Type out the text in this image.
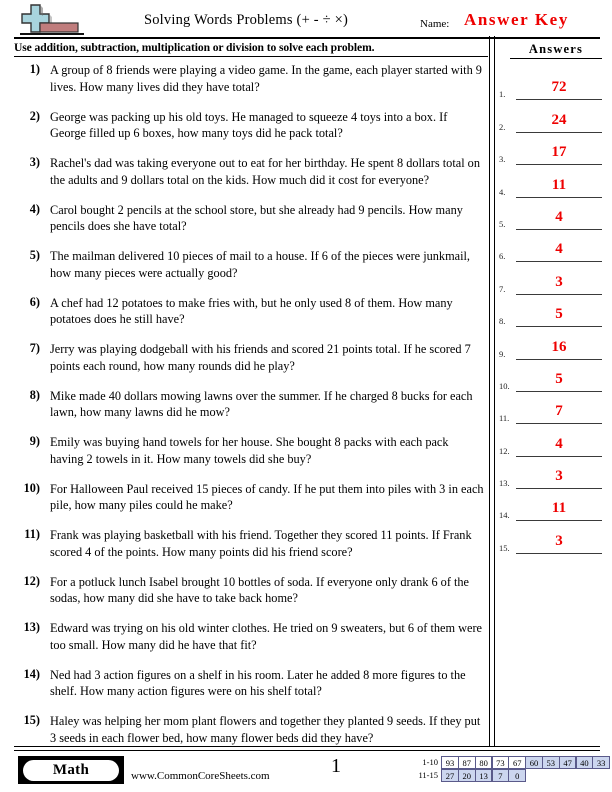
Solving Words Problems (+ - ÷ ×)	Name: Answer Key
Use addition, subtraction, multiplication or division to solve each problem.
1) A group of 8 friends were playing a video game. In the game, each player started with 9 lives. How many lives did they have total?
2) George was packing up his old toys. He managed to squeeze 4 toys into a box. If George filled up 6 boxes, how many toys did he pack total?
3) Rachel's dad was taking everyone out to eat for her birthday. He spent 8 dollars total on the adults and 9 dollars total on the kids. How much did it cost for everyone?
4) Carol bought 2 pencils at the school store, but she already had 9 pencils. How many pencils does she have total?
5) The mailman delivered 10 pieces of mail to a house. If 6 of the pieces were junkmail, how many pieces were actually good?
6) A chef had 12 potatoes to make fries with, but he only used 8 of them. How many potatoes does he still have?
7) Jerry was playing dodgeball with his friends and scored 21 points total. If he scored 7 points each round, how many rounds did he play?
8) Mike made 40 dollars mowing lawns over the summer. If he charged 8 bucks for each lawn, how many lawns did he mow?
9) Emily was buying hand towels for her house. She bought 8 packs with each pack having 2 towels in it. How many towels did she buy?
10) For Halloween Paul received 15 pieces of candy. If he put them into piles with 3 in each pile, how many piles could he make?
11) Frank was playing basketball with his friend. Together they scored 11 points. If Frank scored 4 of the points. How many points did his friend score?
12) For a potluck lunch Isabel brought 10 bottles of soda. If everyone only drank 6 of the sodas, how many did she have to take back home?
13) Edward was trying on his old winter clothes. He tried on 9 sweaters, but 6 of them were too small. How many did he have that fit?
14) Ned had 3 action figures on a shelf in his room. Later he added 8 more figures to the shelf. How many action figures were on his shelf total?
15) Haley was helping her mom plant flowers and together they planted 9 seeds. If they put 3 seeds in each flower bed, how many flower beds did they have?
Answers
1.	72
2.	24
3.	17
4.	11
5.	4
6.	4
7.	3
8.	5
9.	16
10.	5
11.	7
12.	4
13.	3
14.	11
15.	3
Math	www.CommonCoreSheets.com	1	1-10 93 87 80 73 67 60 53 47 40 33
11-15 27 20 13	7	0
